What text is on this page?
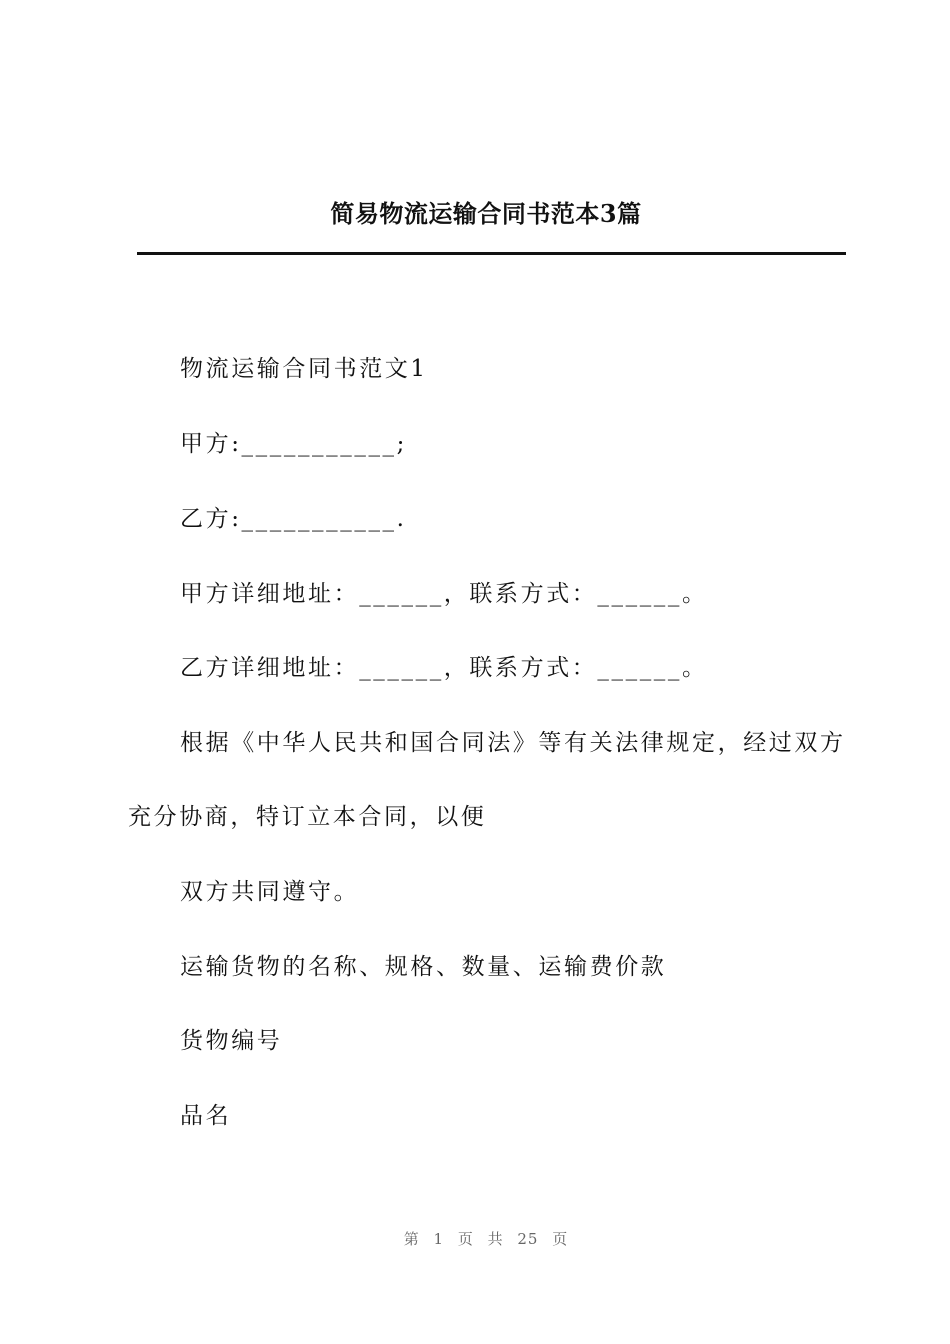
简易物流运输合同书范本3篇
物流运输合同书范文1
甲方:___________;
乙方:___________.
甲方详细地址：______，联系方式：______。
乙方详细地址：______，联系方式：______。
根据《中华人民共和国合同法》等有关法律规定，经过双方
充分协商，特订立本合同，以便
双方共同遵守。
运输货物的名称、规格、数量、运输费价款
货物编号
品名
第 1 页 共 25 页
